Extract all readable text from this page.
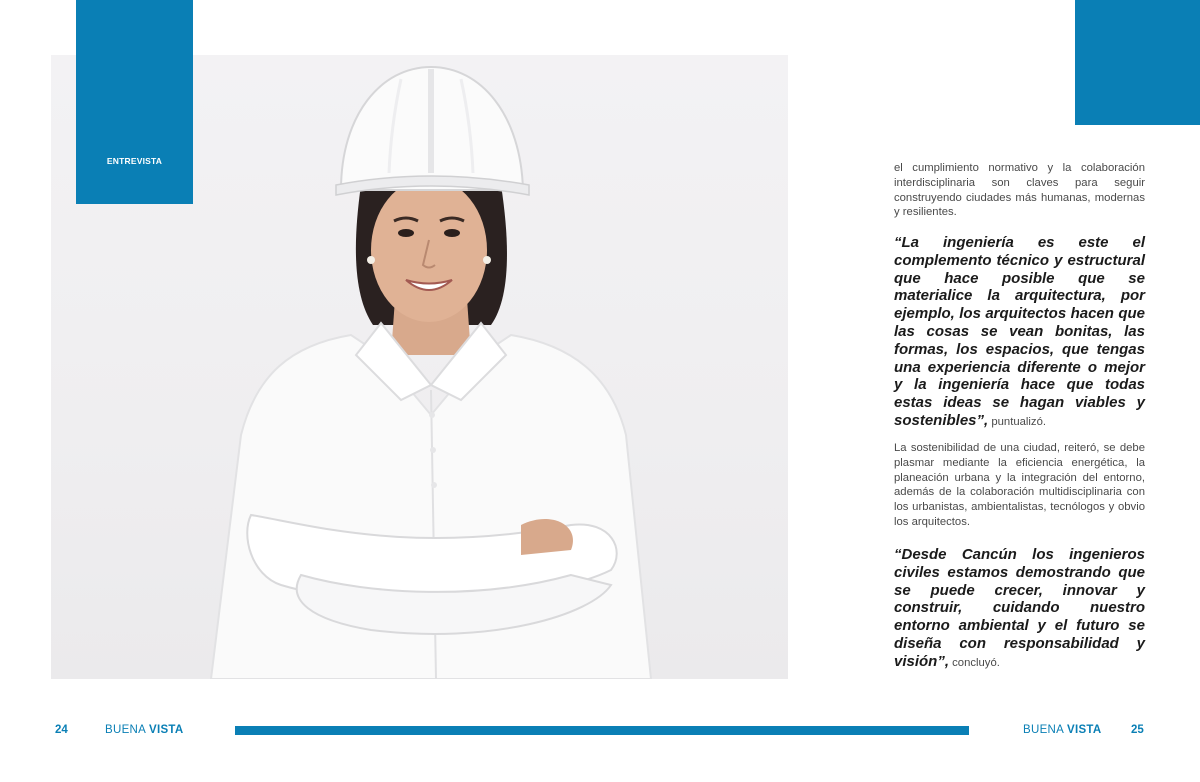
ENTREVISTA
el cumplimiento normativo y la colaboración interdisciplinaria son claves para seguir construyendo ciudades más humanas, modernas y resilientes.
“La ingeniería es este el complemento técnico y estructural que hace posible que se materialice la arquitectura, por ejemplo, los arquitectos hacen que las cosas se vean bonitas, las formas, los espacios, que tengas una experiencia diferente o mejor y la ingeniería hace que todas estas ideas se hagan viables y sostenibles”, puntualizó.
La sostenibilidad de una ciudad, reiteró, se debe plasmar mediante la eficiencia energética, la planeación urbana y la integración del entorno, además de la colaboración multidisciplinaria con los urbanistas, ambientalistas, tecnólogos y obvio los arquitectos.
“Desde Cancún los ingenieros civiles estamos demostrando que se puede crecer, innovar y construir, cuidando nuestro entorno ambiental y el futuro se diseña con responsabilidad y visión”, concluyó.
24	BUENA VISTA	BUENA VISTA	25
